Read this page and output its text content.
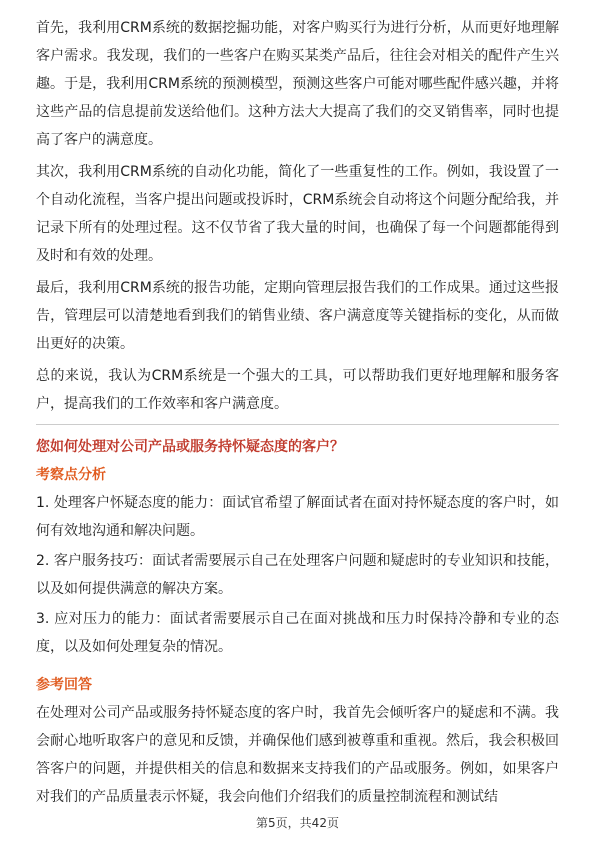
首先，我利用CRM系统的数据挖掘功能，对客户购买行为进行分析，从而更好地理解客户需求。我发现，我们的一些客户在购买某类产品后，往往会对相关的配件产生兴趣。于是，我利用CRM系统的预测模型，预测这些客户可能对哪些配件感兴趣，并将这些产品的信息提前发送给他们。这种方法大大提高了我们的交叉销售率，同时也提高了客户的满意度。

其次，我利用CRM系统的自动化功能，简化了一些重复性的工作。例如，我设置了一个自动化流程，当客户提出问题或投诉时，CRM系统会自动将这个问题分配给我，并记录下所有的处理过程。这不仅节省了我大量的时间，也确保了每一个问题都能得到及时和有效的处理。

最后，我利用CRM系统的报告功能，定期向管理层报告我们的工作成果。通过这些报告，管理层可以清楚地看到我们的销售业绩、客户满意度等关键指标的变化，从而做出更好的决策。

总的来说，我认为CRM系统是一个强大的工具，可以帮助我们更好地理解和服务客户，提高我们的工作效率和客户满意度。

您如何处理对公司产品或服务持怀疑态度的客户？

考察点分析

1. 处理客户怀疑态度的能力：面试官希望了解面试者在面对持怀疑态度的客户时，如何有效地沟通和解决问题。
2. 客户服务技巧：面试者需要展示自己在处理客户问题和疑虑时的专业知识和技能，以及如何提供满意的解决方案。
3. 应对压力的能力：面试者需要展示自己在面对挑战和压力时保持冷静和专业的态度，以及如何处理复杂的情况。

参考回答

在处理对公司产品或服务持怀疑态度的客户时，我首先会倾听客户的疑虑和不满。我会耐心地听取客户的意见和反馈，并确保他们感到被尊重和重视。然后，我会积极回答客户的问题，并提供相关的信息和数据来支持我们的产品或服务。例如，如果客户对我们的产品质量表示怀疑，我会向他们介绍我们的质量控制流程和测试结

第5页，共42页
